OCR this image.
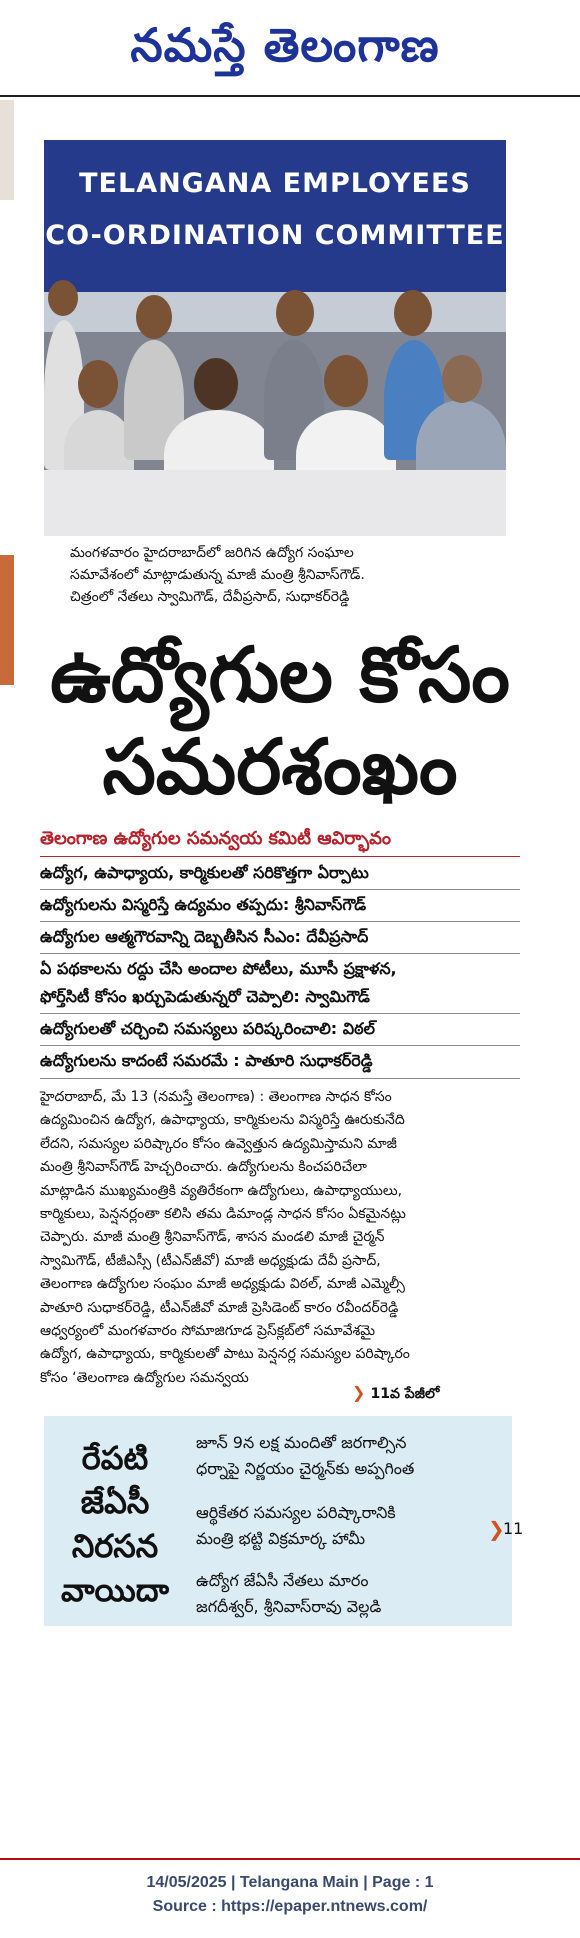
నమస్తే తెలంగాణ
TELANGANA EMPLOYEES
CO-ORDINATION COMMITTEE
మంగళవారం హైదరాబాద్‌లో జరిగిన ఉద్యోగ సంఘాల
సమావేశంలో మాట్లాడుతున్న మాజీ మంత్రి శ్రీనివాస్‌గౌడ్.
చిత్రంలో నేతలు స్వామిగౌడ్, దేవీప్రసాద్, సుధాకర్‌రెడ్డి
ఉద్యోగుల కోసం
సమరశంఖం
తెలంగాణ ఉద్యోగుల సమన్వయ కమిటీ ఆవిర్భావం
ఉద్యోగ, ఉపాధ్యాయ, కార్మికులతో సరికొత్తగా ఏర్పాటు
ఉద్యోగులను విస్మరిస్తే ఉద్యమం తప్పదు: శ్రీనివాస్‌గౌడ్
ఉద్యోగుల ఆత్మగౌరవాన్ని దెబ్బతీసిన సీఎం: దేవీప్రసాద్
ఏ పథకాలను రద్దు చేసి అందాల పోటీలు, మూసీ ప్రక్షాళన,
ఫోర్త్‌సిటీ కోసం ఖర్చుపెడుతున్నరో చెప్పాలి: స్వామిగౌడ్
ఉద్యోగులతో చర్చించి సమస్యలు పరిష్కరించాలి: విఠల్
ఉద్యోగులను కాదంటే సమరమే : పాతూరి సుధాకర్‌రెడ్డి
హైదరాబాద్, మే 13 (నమస్తే తెలంగాణ) : తెలంగాణ సాధన కోసం
ఉద్యమించిన ఉద్యోగ, ఉపాధ్యాయ, కార్మికులను విస్మరిస్తే ఊరుకునేది
లేదని, సమస్యల పరిష్కారం కోసం ఉవ్వెత్తున ఉద్యమిస్తామని మాజీ
మంత్రి శ్రీనివాస్‌గౌడ్ హెచ్చరించారు. ఉద్యోగులను కించపరిచేలా
మాట్లాడిన ముఖ్యమంత్రికి వ్యతిరేకంగా ఉద్యోగులు, ఉపాధ్యాయులు,
కార్మికులు, పెన్షనర్లంతా కలిసి తమ డిమాండ్ల సాధన కోసం ఏకమైనట్లు
చెప్పారు. మాజీ మంత్రి శ్రీనివాస్‌గౌడ్, శాసన మండలి మాజీ చైర్మన్
స్వామిగౌడ్, టీజీఎస్సీ (టీఎన్‌జీవో) మాజీ అధ్యక్షుడు దేవీ ప్రసాద్,
తెలంగాణ ఉద్యోగుల సంఘం మాజీ అధ్యక్షుడు విఠల్, మాజీ ఎమ్మెల్సీ
పాతూరి సుధాకర్‌రెడ్డి, టీఎన్‌జీవో మాజీ ప్రెసిడెంట్ కారం రవీందర్‌రెడ్డి
ఆధ్వర్యంలో మంగళవారం సోమాజిగూడ ప్రెస్‌క్లబ్‌లో సమావేశమై
ఉద్యోగ, ఉపాధ్యాయ, కార్మికులతో పాటు పెన్షనర్ల సమస్యల పరిష్కారం
కోసం ‘తెలంగాణ ఉద్యోగుల సమన్వయ
❯ 11వ పేజీలో
రేపటి
జేఏసీ
నిరసన
వాయిదా
జూన్ 9న లక్ష మందితో జరగాల్సిన
ధర్నాపై నిర్ణయం చైర్మన్‌కు అప్పగింత
ఆర్థికేతర సమస్యల పరిష్కారానికి
మంత్రి భట్టి విక్రమార్క హామీ
ఉద్యోగ జేఏసీ నేతలు మారం
జగదీశ్వర్, శ్రీనివాస్‌రావు వెల్లడి
❯
11
14/05/2025 | Telangana Main | Page : 1
Source : https://epaper.ntnews.com/
